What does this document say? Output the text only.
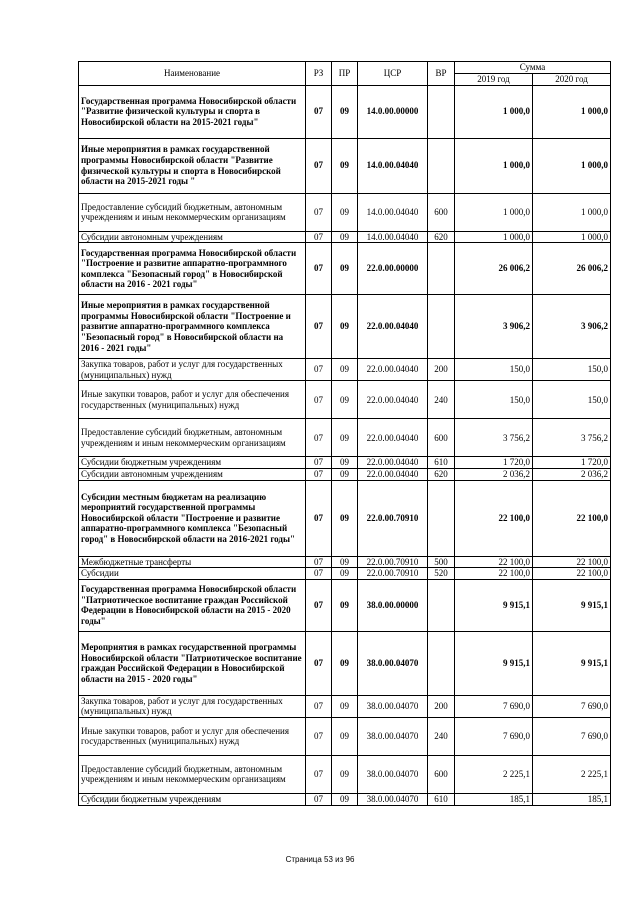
Наименование	РЗ	ПР	ЦСР	ВР	Сумма	
					2019 год	2020 год
Государственная программа Новосибирской области "Развитие физической культуры и спорта в Новосибирской области на 2015-2021 годы"	07	09	14.0.00.00000		1 000,0	1 000,0
Иные мероприятия в рамках государственной программы Новосибирской области "Развитие физической культуры и спорта в Новосибирской области на 2015-2021 годы "	07	09	14.0.00.04040		1 000,0	1 000,0
Предоставление субсидий бюджетным, автономным учреждениям и иным некоммерческим организациям	07	09	14.0.00.04040	600	1 000,0	1 000,0
Субсидии автономным учреждениям	07	09	14.0.00.04040	620	1 000,0	1 000,0
Государственная программа Новосибирской области "Построение и развитие аппаратно-программного комплекса "Безопасный город" в Новосибирской области на 2016 - 2021 годы"	07	09	22.0.00.00000		26 006,2	26 006,2
Иные мероприятия в рамках государственной программы Новосибирской области "Построение и развитие аппаратно-программного комплекса "Безопасный город" в Новосибирской области на 2016 - 2021 годы"	07	09	22.0.00.04040		3 906,2	3 906,2
Закупка товаров, работ и услуг для государственных (муниципальных) нужд	07	09	22.0.00.04040	200	150,0	150,0
Иные закупки товаров, работ и услуг для обеспечения государственных (муниципальных) нужд	07	09	22.0.00.04040	240	150,0	150,0
Предоставление субсидий бюджетным, автономным учреждениям и иным некоммерческим организациям	07	09	22.0.00.04040	600	3 756,2	3 756,2
Субсидии бюджетным учреждениям	07	09	22.0.00.04040	610	1 720,0	1 720,0
Субсидии автономным учреждениям	07	09	22.0.00.04040	620	2 036,2	2 036,2
Субсидии местным бюджетам на реализацию мероприятий государственной программы Новосибирской области "Построение и развитие аппаратно-программного комплекса "Безопасный город" в Новосибирской области на 2016-2021 годы"	07	09	22.0.00.70910		22 100,0	22 100,0
Межбюджетные трансферты	07	09	22.0.00.70910	500	22 100,0	22 100,0
Субсидии	07	09	22.0.00.70910	520	22 100,0	22 100,0
Государственная программа Новосибирской области "Патриотическое воспитание граждан Российской Федерации в Новосибирской области на 2015 - 2020 годы"	07	09	38.0.00.00000		9 915,1	9 915,1
Мероприятия в рамках государственной программы Новосибирской области "Патриотическое воспитание граждан Российской Федерации в Новосибирской области на 2015 - 2020 годы"	07	09	38.0.00.04070		9 915,1	9 915,1
Закупка товаров, работ и услуг для государственных (муниципальных) нужд	07	09	38.0.00.04070	200	7 690,0	7 690,0
Иные закупки товаров, работ и услуг для обеспечения государственных (муниципальных) нужд	07	09	38.0.00.04070	240	7 690,0	7 690,0
Предоставление субсидий бюджетным, автономным учреждениям и иным некоммерческим организациям	07	09	38.0.00.04070	600	2 225,1	2 225,1
Субсидии бюджетным учреждениям	07	09	38.0.00.04070	610	185,1	185,1
Страница 53 из 96
